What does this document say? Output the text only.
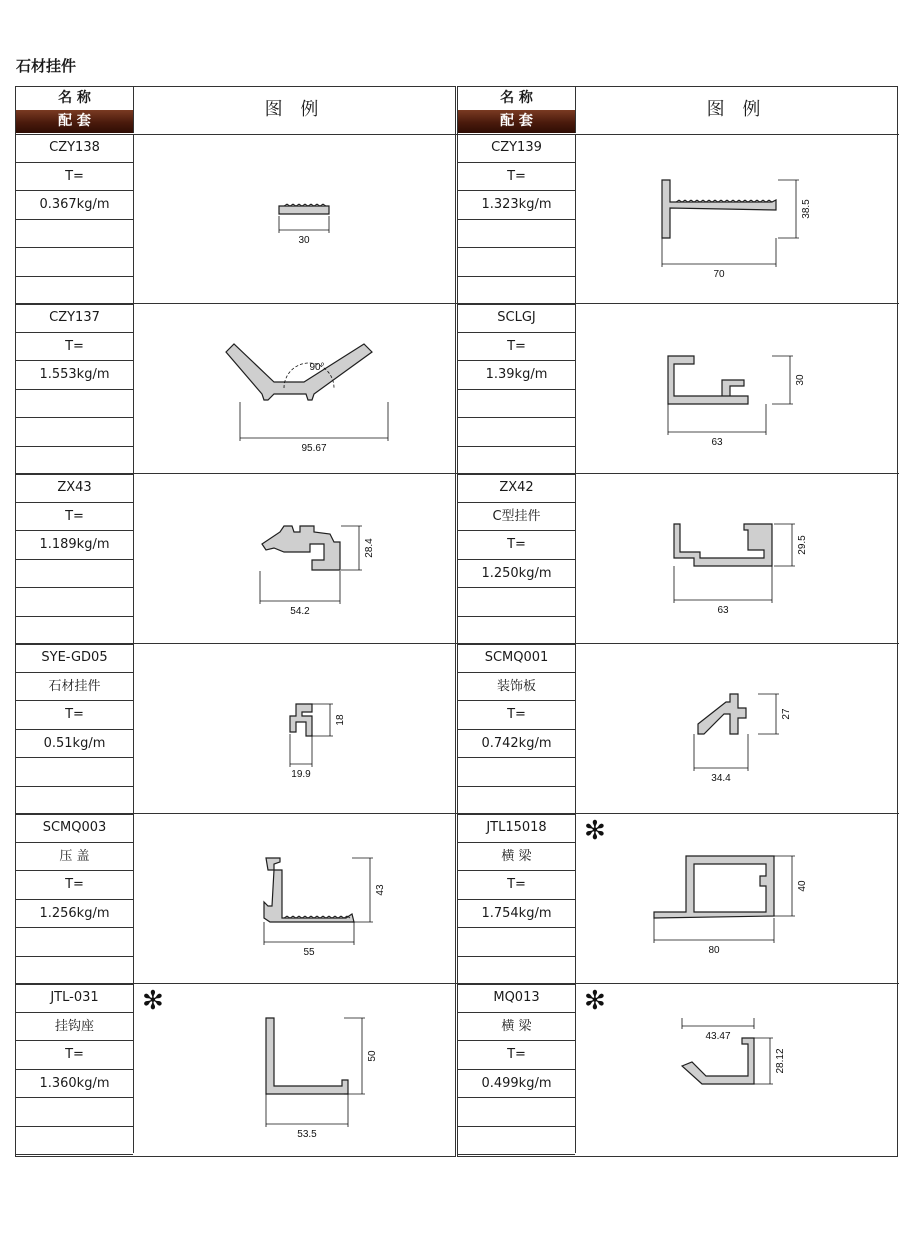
石材挂件
名 称
配 套
图 例
CZY138
T=
0.367kg/m
30
CZY137
T=
1.553kg/m	90°
95.67
ZX43
T=
1.189kg/m
54.2
28.4
SYE-GD05
石材挂件
T=
0.51kg/m
19.9
18
SCMQ003
压 盖
T=
1.256kg/m
55
43
JTL-031
挂钩座
T=
1.360kg/m
✻
53.5
50
名 称
配 套
图 例
CZY139
T=
1.323kg/m
70
38.5
SCLGJ
T=
1.39kg/m
63
30
ZX42
C型挂件
T=
1.250kg/m
63
29.5
SCMQ001
装饰板
T=
0.742kg/m
34.4
27
JTL15018
横 梁
T=
1.754kg/m
✻
80
40
MQ013
横 梁
T=
0.499kg/m
✻
43.47
28.12
